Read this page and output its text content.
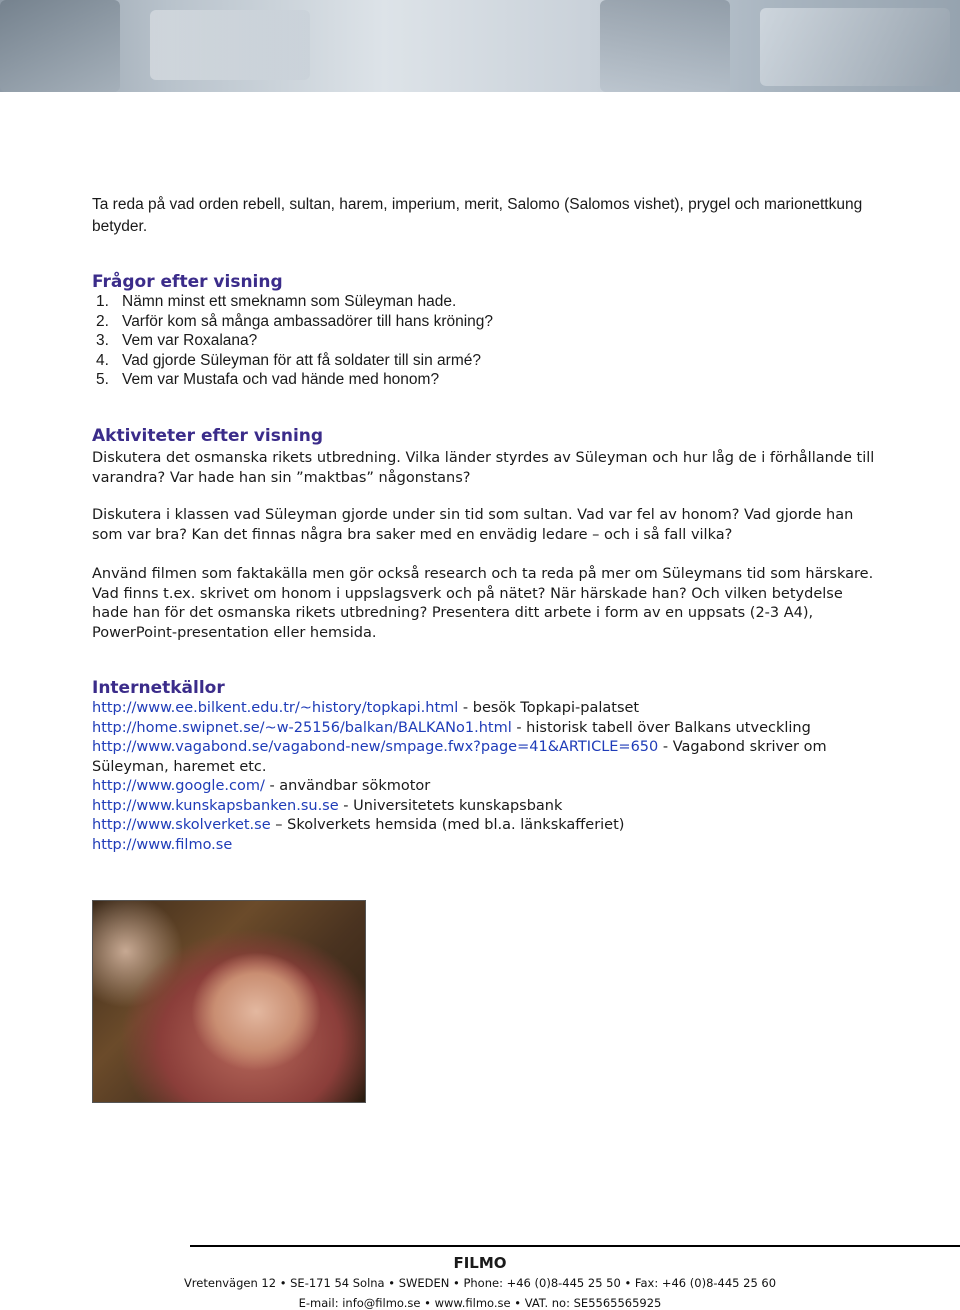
Ta reda på vad orden rebell, sultan, harem, imperium, merit, Salomo (Salomos vishet), prygel och marionettkung betyder.
Frågor efter visning
1. Nämn minst ett smeknamn som Süleyman hade.
2. Varför kom så många ambassadörer till hans kröning?
3. Vem var Roxalana?
4. Vad gjorde Süleyman för att få soldater till sin armé?
5. Vem var Mustafa och vad hände med honom?
Aktiviteter efter visning
Diskutera det osmanska rikets utbredning. Vilka länder styrdes av Süleyman och hur låg de i förhållande till varandra? Var hade han sin ”maktbas” någonstans?
Diskutera i klassen vad Süleyman gjorde under sin tid som sultan. Vad var fel av honom? Vad gjorde han som var bra? Kan det finnas några bra saker med en envädig ledare – och i så fall vilka?
Använd filmen som faktakälla men gör också research och ta reda på mer om Süleymans tid som härskare. Vad finns t.ex. skrivet om honom i uppslagsverk och på nätet? När härskade han? Och vilken betydelse hade han för det osmanska rikets utbredning? Presentera ditt arbete i form av en uppsats (2-3 A4), PowerPoint-presentation eller hemsida.
Internetkällor
http://www.ee.bilkent.edu.tr/~history/topkapi.html - besök Topkapi-palatset
http://home.swipnet.se/~w-25156/balkan/BALKANo1.html - historisk tabell över Balkans utveckling
http://www.vagabond.se/vagabond-new/smpage.fwx?page=41&ARTICLE=650 - Vagabond skriver om Süleyman, haremet etc.
http://www.google.com/ - användbar sökmotor
http://www.kunskapsbanken.su.se - Universitetets kunskapsbank
http://www.skolverket.se – Skolverkets hemsida (med bl.a. länkskafferiet)
http://www.filmo.se
FILMO
Vretenvägen 12 • SE-171 54 Solna • SWEDEN • Phone: +46 (0)8-445 25 50 • Fax: +46 (0)8-445 25 60
E-mail: info@filmo.se • www.filmo.se • VAT. no: SE5565565925
